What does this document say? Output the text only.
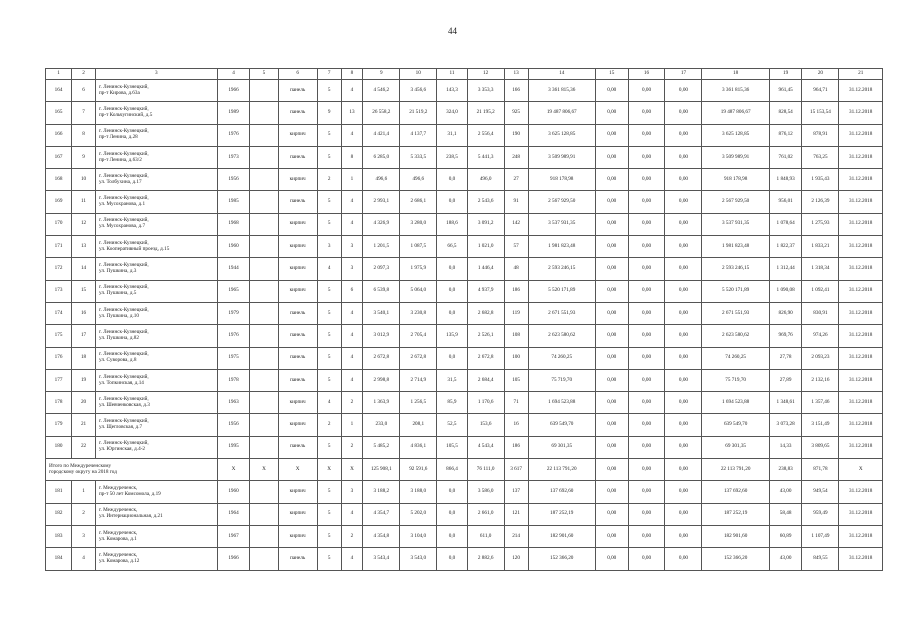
44
1	2	3	4	5	6	7	8	9	10	11	12	13	14	15	16	17	18	19	20	21
164	6	г. Ленинск-Кузнецкий,
пр-т Кирова, д.63а	1966		панель	5	4	4 546,2	3 456,6	143,3	3 353,3	166	3 361 815,36	0,00	0,00	0,00	3 361 815,36	961,45	964,71	31.12.2018
165	7	г. Ленинск-Кузнецкий,
пр-т Кольчугинский, д.5	1989		панель	9	13	26 558,2	21 519,2	324,0	21 195,2	925	19 487 806,67	0,00	0,00	0,00	19 487 806,67	828,54	15 153,54	31.12.2018
166	8	г. Ленинск-Кузнецкий,
пр-т Ленина, д.28	1976		кирпич	5	4	4 421,4	4 137,7	31,1	2 556,4	190	3 625 128,85	0,00	0,00	0,00	3 625 128,85	876,12	878,91	31.12.2018
167	9	г. Ленинск-Кузнецкий,
пр-т Ленина, д.63/2	1973		панель	5	8	6 285,0	5 333,5	238,5	5 441,3	248	3 509 989,91	0,00	0,00	0,00	3 509 989,91	761,02	763,25	31.12.2018
168	10	г. Ленинск-Кузнецкий,
ул. Толбухина, д.17	1956		кирпич	2	1	496,6	496,6	0,0	496,0	27	918 178,98	0,00	0,00	0,00	918 178,98	1 848,93	1 935,43	31.12.2018
169	11	г. Ленинск-Кузнецкий,
ул. Мусохранова, д.1	1985		панель	5	4	2 993,1	2 686,1	0,0	2 543,6	91	2 567 929,50	0,00	0,00	0,00	2 567 929,50	956,01	2 126,39	31.12.2018
170	12	г. Ленинск-Кузнецкий,
ул. Мусохранова, д.7	1968		кирпич	5	4	4 326,9	3 280,0	188,6	3 091,2	142	3 537 931,35	0,00	0,00	0,00	3 537 931,35	1 078,64	1 275,93	31.12.2018
171	13	г. Ленинск-Кузнецкий,
ул. Кооперативный проезд, д.15	1960		кирпич	3	3	1 201,5	1 087,5	66,5	1 021,0	57	1 981 823,48	0,00	0,00	0,00	1 981 823,48	1 822,37	1 833,21	31.12.2018
172	14	г. Ленинск-Кузнецкий,
ул. Пушкина, д.3	1944		кирпич	4	3	2 097,3	1 975,9	0,0	1 446,4	48	2 593 246,15	0,00	0,00	0,00	2 593 246,15	1 312,44	1 318,34	31.12.2018
173	15	г. Ленинск-Кузнецкий,
ул. Пушкина, д.5	1965		кирпич	5	6	6 539,8	5 064,0	0,0	4 937,9	186	5 520 171,89	0,00	0,00	0,00	5 520 171,89	1 090,08	1 092,41	31.12.2018
174	16	г. Ленинск-Кузнецкий,
ул. Пушкина, д.10	1979		панель	5	4	3 540,1	3 230,8	0,0	2 682,8	119	2 671 551,93	0,00	0,00	0,00	2 671 551,93	826,90	830,91	31.12.2018
175	17	г. Ленинск-Кузнецкий,
ул. Пушкина, д.82	1976		панель	5	4	3 012,9	2 705,4	135,9	2 526,1	108	2 623 580,62	0,00	0,00	0,00	2 623 580,62	969,76	974,26	31.12.2018
176	18	г. Ленинск-Кузнецкий,
ул. Суворова, д.8	1975		панель	5	4	2 672,8	2 672,8	0,0	2 672,8	100	74 260,25	0,00	0,00	0,00	74 260,25	27,78	2 093,23	31.12.2018
177	19	г. Ленинск-Кузнецкий,
ул. Топкинская, д.14	1978		панель	5	4	2 998,8	2 714,9	31,5	2 684,4	105	75 719,70	0,00	0,00	0,00	75 719,70	27,89	2 132,16	31.12.2018
178	20	г. Ленинск-Кузнецкий,
ул. Шевченковская, д.3	1963		кирпич	4	2	1 363,9	1 256,5	85,9	1 170,6	71	1 694 523,88	0,00	0,00	0,00	1 694 523,88	1 348,61	1 357,46	31.12.2018
179	21	г. Ленинск-Кузнецкий,
ул. Щегловская, д.7	1956		кирпич	2	1	233,0	208,1	52,5	153,6	16	639 549,70	0,00	0,00	0,00	639 549,70	3 073,28	3 151,49	31.12.2018
180	22	г. Ленинск-Кузнецкий,
ул. Юргинская, д.4-2	1995		панель	5	2	5 485,2	4 836,1	105,5	4 543,4	186	69 301,35	0,00	0,00	0,00	69 301,35	14,33	3 809,65	31.12.2018
Итого по Междуреченскому
городскому округу на 2018 год			X	X	X	X	X	125 908,1	92 591,6	866,4	76 111,0	3 617	22 113 791,20	0,00	0,00	0,00	22 113 791,20	238,83	871,78	X
181	1	г. Междуреченск,
пр-т 50 лет Комсомола, д.19	1960		кирпич	5	3	3 188,2	3 188,0	0,0	3 586,0	137	137 692,60	0,00	0,00	0,00	137 692,60	43,00	949,54	31.12.2018
182	2	г. Междуреченск,
ул. Интернациональная, д.21	1964		кирпич	5	4	4 354,7	5 202,0	0,0	2 661,0	121	187 252,19	0,00	0,00	0,00	187 252,19	58,48	959,49	31.12.2018
183	3	г. Междуреченск,
ул. Комарова, д.1	1967		кирпич	5	2	4 354,8	3 104,0	0,0	611,0	214	182 901,60	0,00	0,00	0,00	182 901,60	60,89	1 107,49	31.12.2018
184	4	г. Междуреченск,
ул. Комарова, д.12	1966		панель	5	4	3 543,4	3 543,0	0,0	2 882,6	120	152 366,20	0,00	0,00	0,00	152 366,20	43,00	849,55	31.12.2018
